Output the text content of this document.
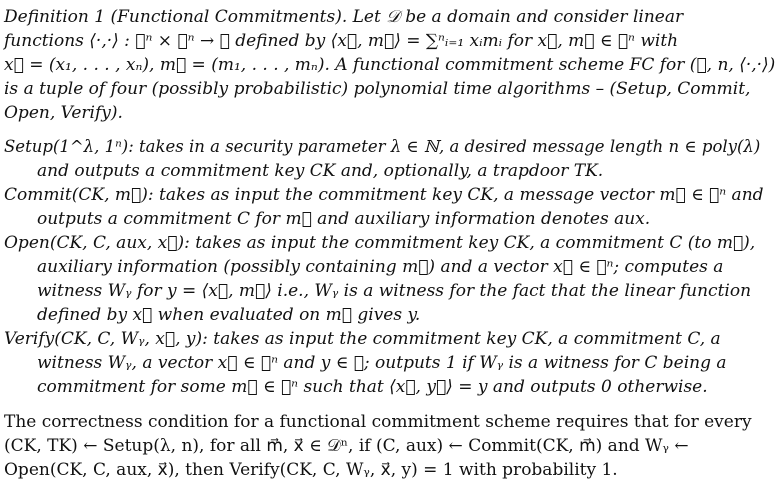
Definition 1 (Functional Commitments). Let 𝒟 be a domain and consider linear
functions ⟨·,·⟩ : 𝒟ⁿ × 𝒟ⁿ → 𝒟 defined by ⟨x⃗, m⃗⟩ = ∑ⁿᵢ₌₁ xᵢmᵢ for x⃗, m⃗ ∈ 𝒟ⁿ with
x⃗ = (x₁, . . . , xₙ), m⃗ = (m₁, . . . , mₙ). A functional commitment scheme FC for (𝒟, n, ⟨·,·⟩)
is a tuple of four (possibly probabilistic) polynomial time algorithms – (Setup, Commit,
Open, Verify).
Setup(1^λ, 1ⁿ): takes in a security parameter λ ∈ ℕ, a desired message length n ∈ poly(λ)
and outputs a commitment key CK and, optionally, a trapdoor TK.
Commit(CK, m⃗): takes as input the commitment key CK, a message vector m⃗ ∈ 𝒟ⁿ and
outputs a commitment C for m⃗ and auxiliary information denotes aux.
Open(CK, C, aux, x⃗): takes as input the commitment key CK, a commitment C (to m⃗),
auxiliary information (possibly containing m⃗) and a vector x⃗ ∈ 𝒟ⁿ; computes a
witness Wᵧ for y = ⟨x⃗, m⃗⟩ i.e., Wᵧ is a witness for the fact that the linear function
defined by x⃗ when evaluated on m⃗ gives y.
Verify(CK, C, Wᵧ, x⃗, y): takes as input the commitment key CK, a commitment C, a
witness Wᵧ, a vector x⃗ ∈ 𝒟ⁿ and y ∈ 𝒟; outputs 1 if Wᵧ is a witness for C being a
commitment for some m⃗ ∈ 𝒟ⁿ such that ⟨x⃗, y⃗⟩ = y and outputs 0 otherwise.
The correctness condition for a functional commitment scheme requires that for every
(CK, TK) ← Setup(λ, n), for all m⃗, x⃗ ∈ 𝒟ⁿ, if (C, aux) ← Commit(CK, m⃗) and Wᵧ ←
Open(CK, C, aux, x⃗), then Verify(CK, C, Wᵧ, x⃗, y) = 1 with probability 1.
